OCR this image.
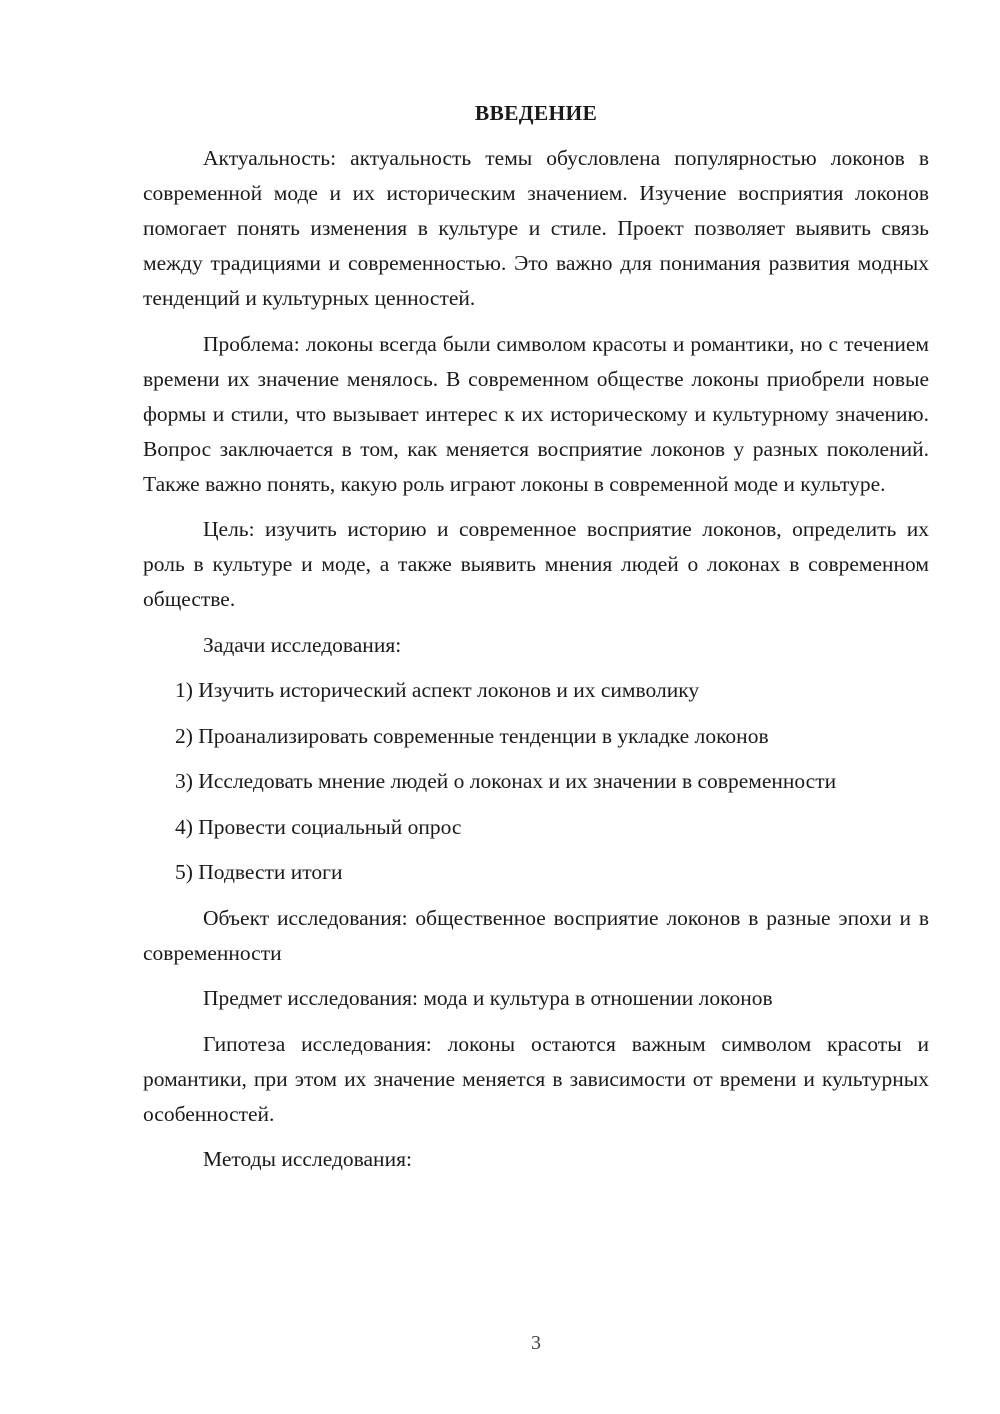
ВВЕДЕНИЕ

Актуальность: актуальность темы обусловлена популярностью локонов в современной моде и их историческим значением. Изучение восприятия локонов помогает понять изменения в культуре и стиле. Проект позволяет выявить связь между традициями и современностью. Это важно для понимания развития модных тенденций и культурных ценностей.

Проблема: локоны всегда были символом красоты и романтики, но с течением времени их значение менялось. В современном обществе локоны приобрели новые формы и стили, что вызывает интерес к их историческому и культурному значению. Вопрос заключается в том, как меняется восприятие локонов у разных поколений. Также важно понять, какую роль играют локоны в современной моде и культуре.

Цель: изучить историю и современное восприятие локонов, определить их роль в культуре и моде, а также выявить мнения людей о локонах в современном обществе.

Задачи исследования:

1) Изучить исторический аспект локонов и их символику

2) Проанализировать современные тенденции в укладке локонов

3) Исследовать мнение людей о локонах и их значении в современности

4) Провести социальный опрос

5) Подвести итоги

Объект исследования: общественное восприятие локонов в разные эпохи и в современности

Предмет исследования: мода и культура в отношении локонов

Гипотеза исследования: локоны остаются важным символом красоты и романтики, при этом их значение меняется в зависимости от времени и культурных особенностей.

Методы исследования:

3
